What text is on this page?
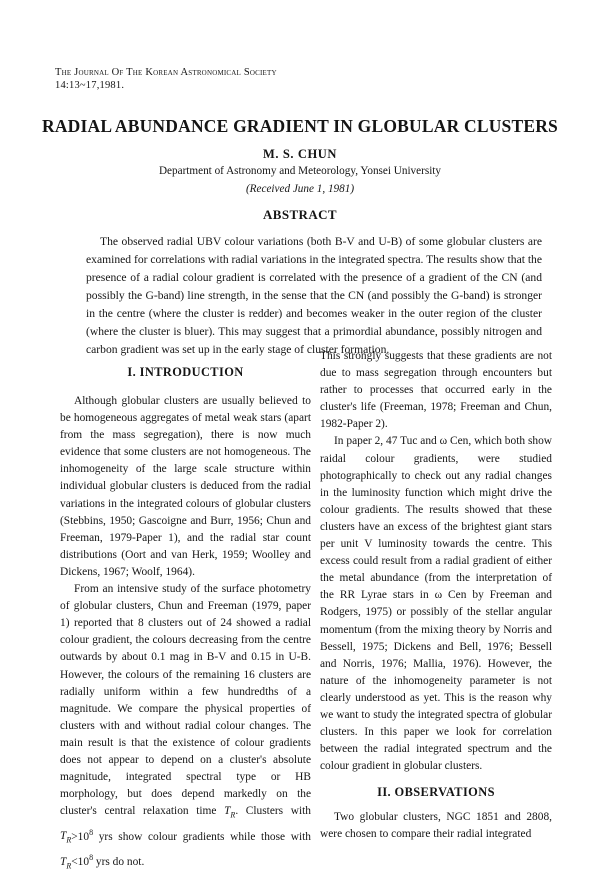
The Journal Of The Korean Astronomical Society
14:13~17,1981.
RADIAL ABUNDANCE GRADIENT IN GLOBULAR CLUSTERS
M. S. CHUN
Department of Astronomy and Meteorology, Yonsei University
(Received June 1, 1981)
ABSTRACT

The observed radial UBV colour variations (both B-V and U-B) of some globular clusters are examined for correlations with radial variations in the integrated spectra. The results show that the presence of a radial colour gradient is correlated with the presence of a gradient of the CN (and possibly the G-band) line strength, in the sense that the CN (and possibly the G-band) is stronger in the centre (where the cluster is redder) and becomes weaker in the outer region of the cluster (where the cluster is bluer). This may suggest that a primordial abundance, possibly nitrogen and carbon gradient was set up in the early stage of cluster formation.

I. INTRODUCTION

Although globular clusters are usually believed to be homogeneous aggregates of metal weak stars (apart from the mass segregation), there is now much evidence that some clusters are not homogeneous. The inhomogeneity of the large scale structure within individual globular clusters is deduced from the radial variations in the integrated colours of globular clusters (Stebbins, 1950; Gascoigne and Burr, 1956; Chun and Freeman, 1979-Paper 1), and the radial star count distributions (Oort and van Herk, 1959; Woolley and Dickens, 1967; Woolf, 1964).

From an intensive study of the surface photometry of globular clusters, Chun and Freeman (1979, paper 1) reported that 8 clusters out of 24 showed a radial colour gradient, the colours decreasing from the centre outwards by about 0.1 mag in B-V and 0.15 in U-B. However, the colours of the remaining 16 clusters are radially uniform within a few hundredths of a magnitude. We compare the physical properties of clusters with and without radial colour changes. The main result is that the existence of colour gradients does not appear to depend on a cluster's absolute magnitude, integrated spectral type or HB morphology, but does depend markedly on the cluster's central relaxation time $T_R$. Clusters with $T_R>10^8$ yrs show colour gradients while those with $T_R<10^8$ yrs do not.

This strongly suggests that these gradients are not due to mass segregation through encounters but rather to processes that occurred early in the cluster's life (Freeman, 1978; Freeman and Chun, 1982-Paper 2).

In paper 2, 47 Tuc and ω Cen, which both show raidal colour gradients, were studied photographically to check out any radial changes in the luminosity function which might drive the colour gradients. The results showed that these clusters have an excess of the brightest giant stars per unit V luminosity towards the centre. This excess could result from a radial gradient of either the metal abundance (from the interpretation of the RR Lyrae stars in ω Cen by Freeman and Rodgers, 1975) or possibly of the stellar angular momentum (from the mixing theory by Norris and Bessell, 1975; Dickens and Bell, 1976; Bessell and Norris, 1976; Mallia, 1976). However, the nature of the inhomogeneity parameter is not clearly understood as yet. This is the reason why we want to study the integrated spectra of globular clusters. In this paper we look for correlation between the radial integrated spectrum and the colour gradient in globular clusters.

II. OBSERVATIONS

Two globular clusters, NGC 1851 and 2808, were chosen to compare their radial integrated
